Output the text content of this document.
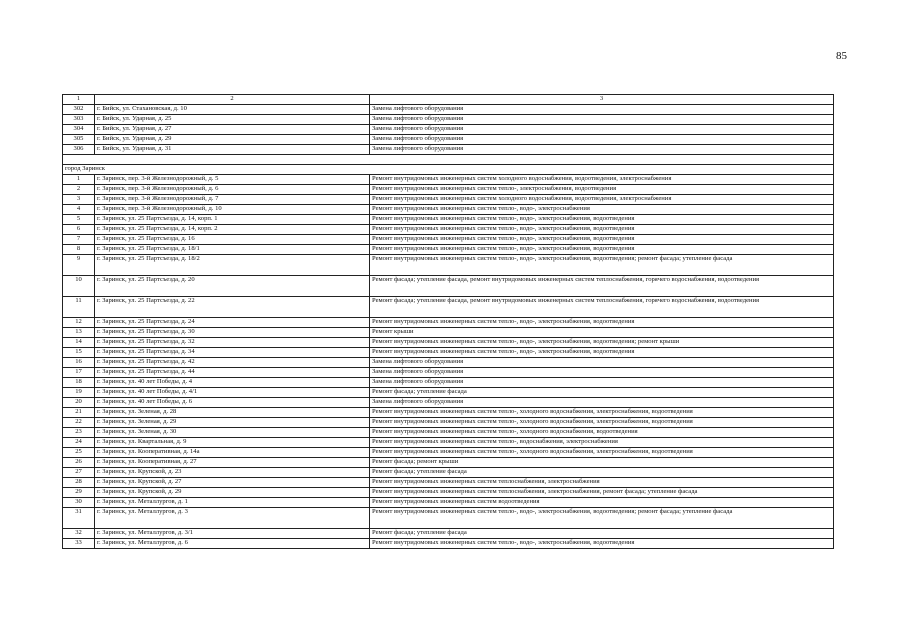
85
1	2	3
302	г. Бийск, ул. Стахановская, д. 10	Замена лифтового оборудования
303	г. Бийск, ул. Ударная, д. 25	Замена лифтового оборудования
304	г. Бийск, ул. Ударная, д. 27	Замена лифтового оборудования
305	г. Бийск, ул. Ударная, д. 29	Замена лифтового оборудования
306	г. Бийск, ул. Ударная, д. 31	Замена лифтового оборудования

город Заринск		
1	г. Заринск, пер. 3-й Железнодорожный, д. 5	Ремонт внутридомовых инженерных систем холодного водоснабжения, водоотведения, электроснабжения
2	г. Заринск, пер. 3-й Железнодорожный, д. 6	Ремонт внутридомовых инженерных систем тепло-, электроснабжения, водоотведения
3	г. Заринск, пер. 3-й Железнодорожный, д. 7	Ремонт внутридомовых инженерных систем холодного водоснабжения, водоотведения, электроснабжения
4	г. Заринск, пер. 3-й Железнодорожный, д. 10	Ремонт внутридомовых инженерных систем тепло-, водо-, электроснабжения
5	г. Заринск, ул. 25 Партсъезда, д. 14, корп. 1	Ремонт внутридомовых инженерных систем тепло-, водо-, электроснабжения, водоотведения
6	г. Заринск, ул. 25 Партсъезда, д. 14, корп. 2	Ремонт внутридомовых инженерных систем тепло-, водо-, электроснабжения, водоотведения
7	г. Заринск, ул. 25 Партсъезда, д. 16	Ремонт внутридомовых инженерных систем тепло-, водо-, электроснабжения, водоотведения
8	г. Заринск, ул. 25 Партсъезда, д. 18/1	Ремонт внутридомовых инженерных систем тепло-, водо-, электроснабжения, водоотведения
9	г. Заринск, ул. 25 Партсъезда, д. 18/2	Ремонт внутридомовых инженерных систем тепло-, водо-, электроснабжения, водоотведения; ремонт фасада; утепление фасада
10	г. Заринск, ул. 25 Партсъезда, д. 20	Ремонт фасада; утепление фасада, ремонт внутридомовых инженерных систем теплоснабжения, горячего водоснабжения, водоотведения
11	г. Заринск, ул. 25 Партсъезда, д. 22	Ремонт фасада; утепление фасада, ремонт внутридомовых инженерных систем теплоснабжения, горячего водоснабжения, водоотведения
12	г. Заринск, ул. 25 Партсъезда, д. 24	Ремонт внутридомовых инженерных систем тепло-, водо-, электроснабжения, водоотведения
13	г. Заринск, ул. 25 Партсъезда, д. 30	Ремонт крыши
14	г. Заринск, ул. 25 Партсъезда, д. 32	Ремонт внутридомовых инженерных систем тепло-, водо-, электроснабжения, водоотведения; ремонт крыши
15	г. Заринск, ул. 25 Партсъезда, д. 34	Ремонт внутридомовых инженерных систем тепло-, водо-, электроснабжения, водоотведения
16	г. Заринск, ул. 25 Партсъезда, д. 42	Замена лифтового оборудования
17	г. Заринск, ул. 25 Партсъезда, д. 44	Замена лифтового оборудования
18	г. Заринск, ул. 40 лет Победы, д. 4	Замена лифтового оборудования
19	г. Заринск, ул. 40 лет Победы, д. 4/1	Ремонт фасада; утепление фасада
20	г. Заринск, ул. 40 лет Победы, д. 6	Замена лифтового оборудования
21	г. Заринск, ул. Зеленая, д. 28	Ремонт внутридомовых инженерных систем тепло-, холодного водоснабжения, электроснабжения, водоотведения
22	г. Заринск, ул. Зеленая, д. 29	Ремонт внутридомовых инженерных систем тепло-, холодного водоснабжения, электроснабжения, водоотведения
23	г. Заринск, ул. Зеленая, д. 30	Ремонт внутридомовых инженерных систем тепло-, холодного водоснабжения, водоотведения
24	г. Заринск, ул. Квартальная, д. 9	Ремонт внутридомовых инженерных систем тепло-, водоснабжения, электроснабжения
25	г. Заринск, ул. Кооперативная, д. 14а	Ремонт внутридомовых инженерных систем тепло-, холодного водоснабжения, электроснабжения, водоотведения
26	г. Заринск, ул. Кооперативная, д. 27	Ремонт фасада; ремонт крыши
27	г. Заринск, ул. Крупской, д. 23	Ремонт фасада; утепление фасада
28	г. Заринск, ул. Крупской, д. 27	Ремонт внутридомовых инженерных систем теплоснабжения, электроснабжения
29	г. Заринск, ул. Крупской, д. 29	Ремонт внутридомовых инженерных систем теплоснабжения, электроснабжения, ремонт фасада; утепление фасада
30	г. Заринск, ул. Металлургов, д. 1	Ремонт внутридомовых инженерных систем водоотведения
31	г. Заринск, ул. Металлургов, д. 3	Ремонт внутридомовых инженерных систем тепло-, водо-, электроснабжения, водоотведения; ремонт фасада; утепление фасада
32	г. Заринск, ул. Металлургов, д. 3/1	Ремонт фасада; утепление фасада
33	г. Заринск, ул. Металлургов, д. 6	Ремонт внутридомовых инженерных систем тепло-, водо-, электроснабжения, водоотведения
